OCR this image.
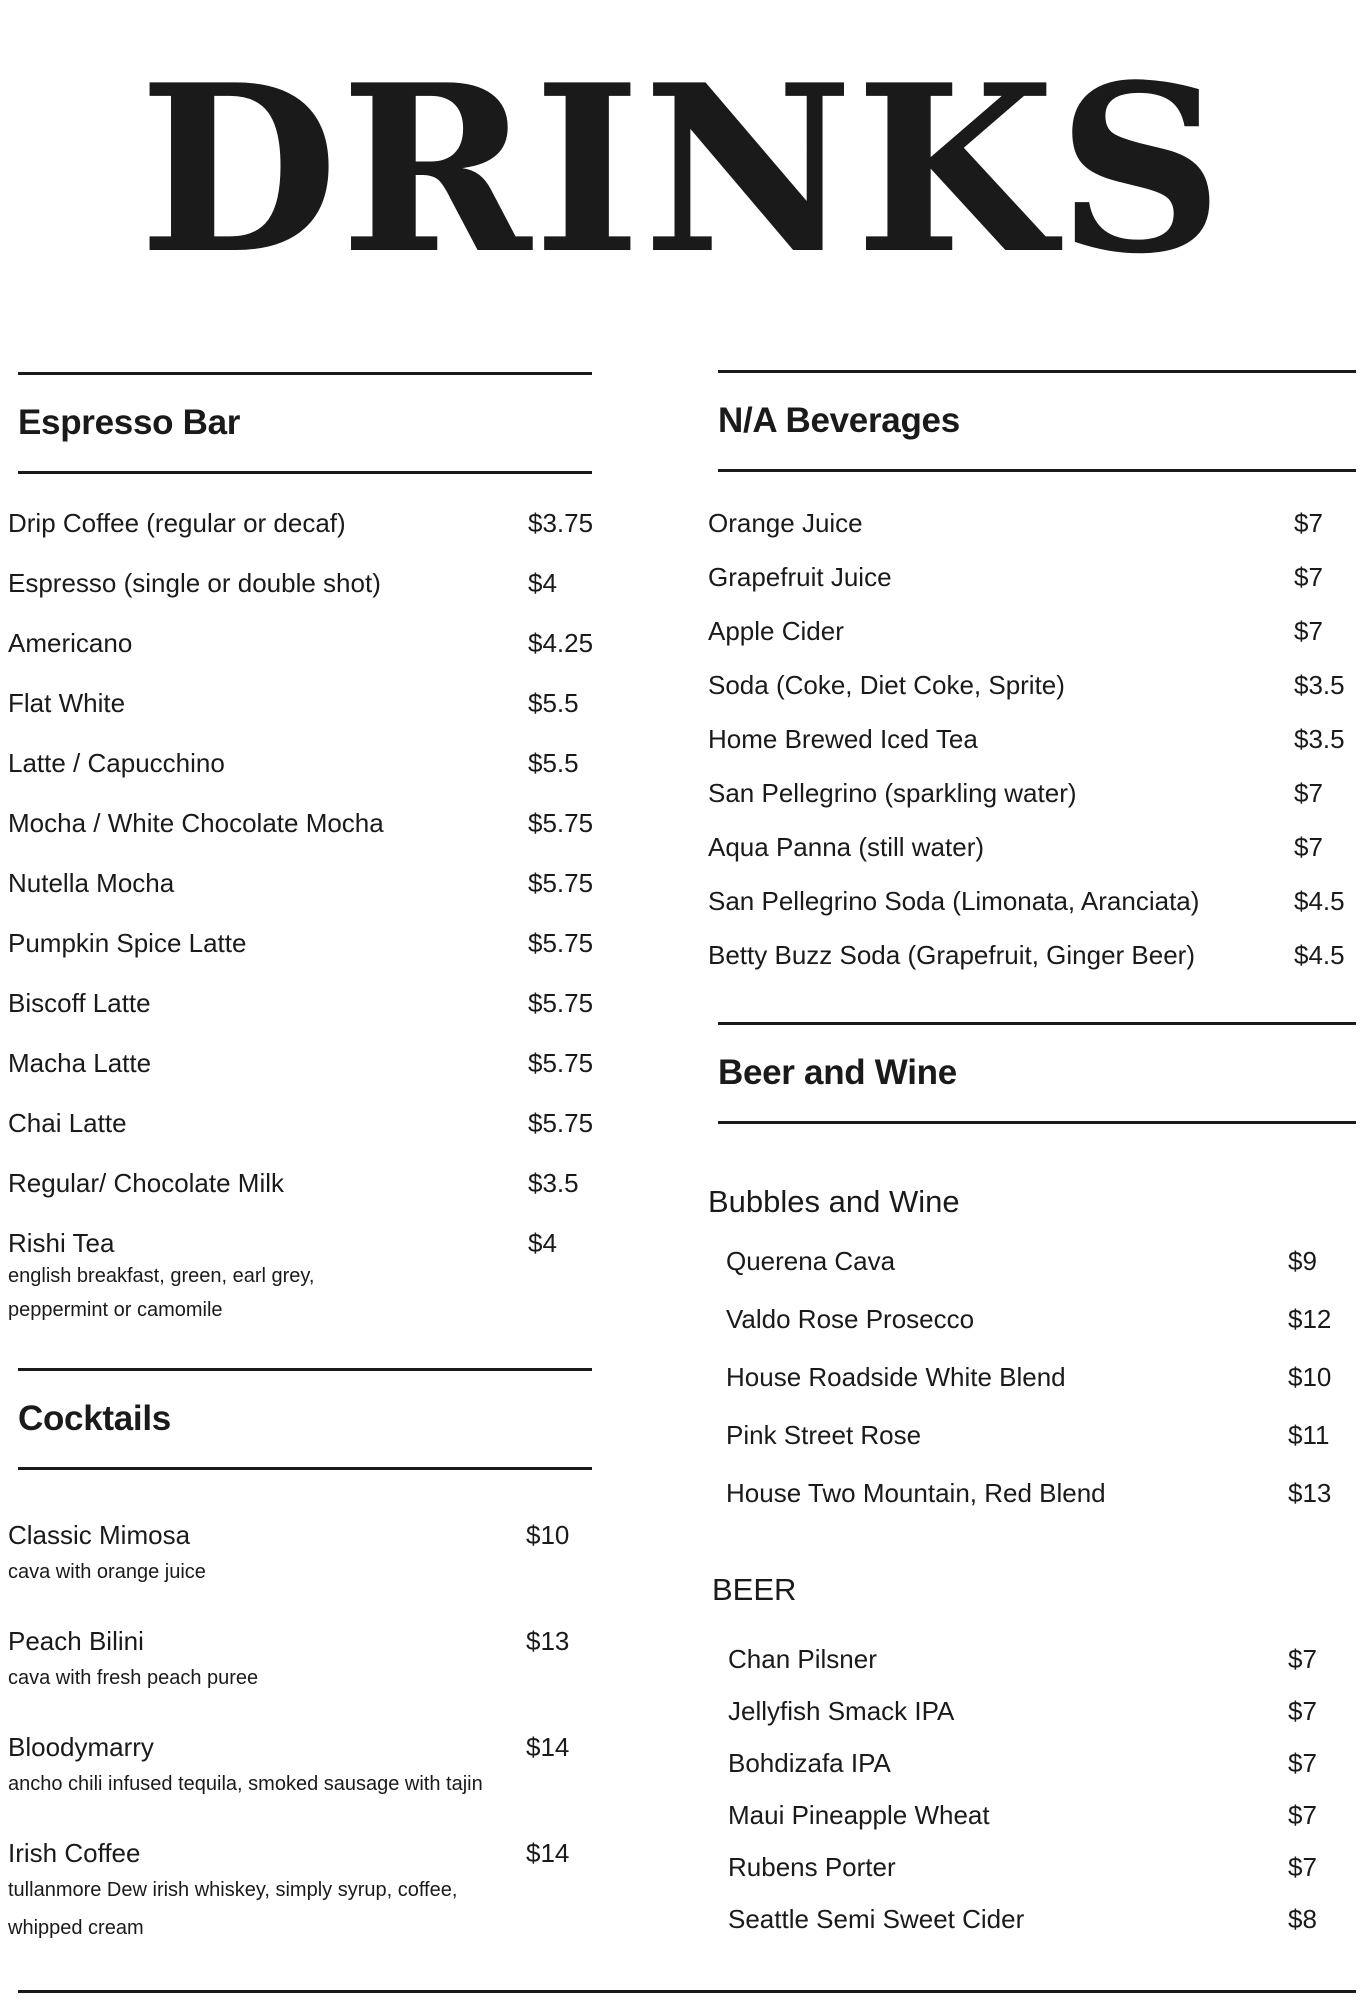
DRINKS
Espresso Bar
Drip Coffee (regular or decaf)	$3.75
Espresso (single or double shot)	$4
Americano	$4.25
Flat White	$5.5
Latte / Capucchino	$5.5
Mocha / White Chocolate Mocha	$5.75
Nutella Mocha	$5.75
Pumpkin Spice Latte	$5.75
Biscoff Latte	$5.75
Macha Latte	$5.75
Chai Latte	$5.75
Regular/ Chocolate Milk	$3.5
Rishi Tea	$4
english breakfast, green, earl grey,
peppermint or camomile
Cocktails
Classic Mimosa	$10
cava with orange juice
Peach Bilini	$13
cava with fresh peach puree
Bloodymarry	$14
ancho chili infused tequila, smoked sausage with tajin
Irish Coffee	$14
tullanmore Dew irish whiskey, simply syrup, coffee,
whipped cream
N/A Beverages
Orange Juice	$7
Grapefruit Juice	$7
Apple Cider	$7
Soda (Coke, Diet Coke, Sprite)	$3.5
Home Brewed Iced Tea	$3.5
San Pellegrino (sparkling water)	$7
Aqua Panna (still water)	$7
San Pellegrino Soda (Limonata, Aranciata)	$4.5
Betty Buzz Soda (Grapefruit, Ginger Beer)	$4.5
Beer and Wine
Bubbles and Wine
Querena Cava	$9
Valdo Rose Prosecco	$12
House Roadside White Blend	$10
Pink Street Rose	$11
House Two Mountain, Red Blend	$13
BEER
Chan Pilsner	$7
Jellyfish Smack IPA	$7
Bohdizafa IPA	$7
Maui Pineapple Wheat	$7
Rubens Porter	$7
Seattle Semi Sweet Cider	$8
